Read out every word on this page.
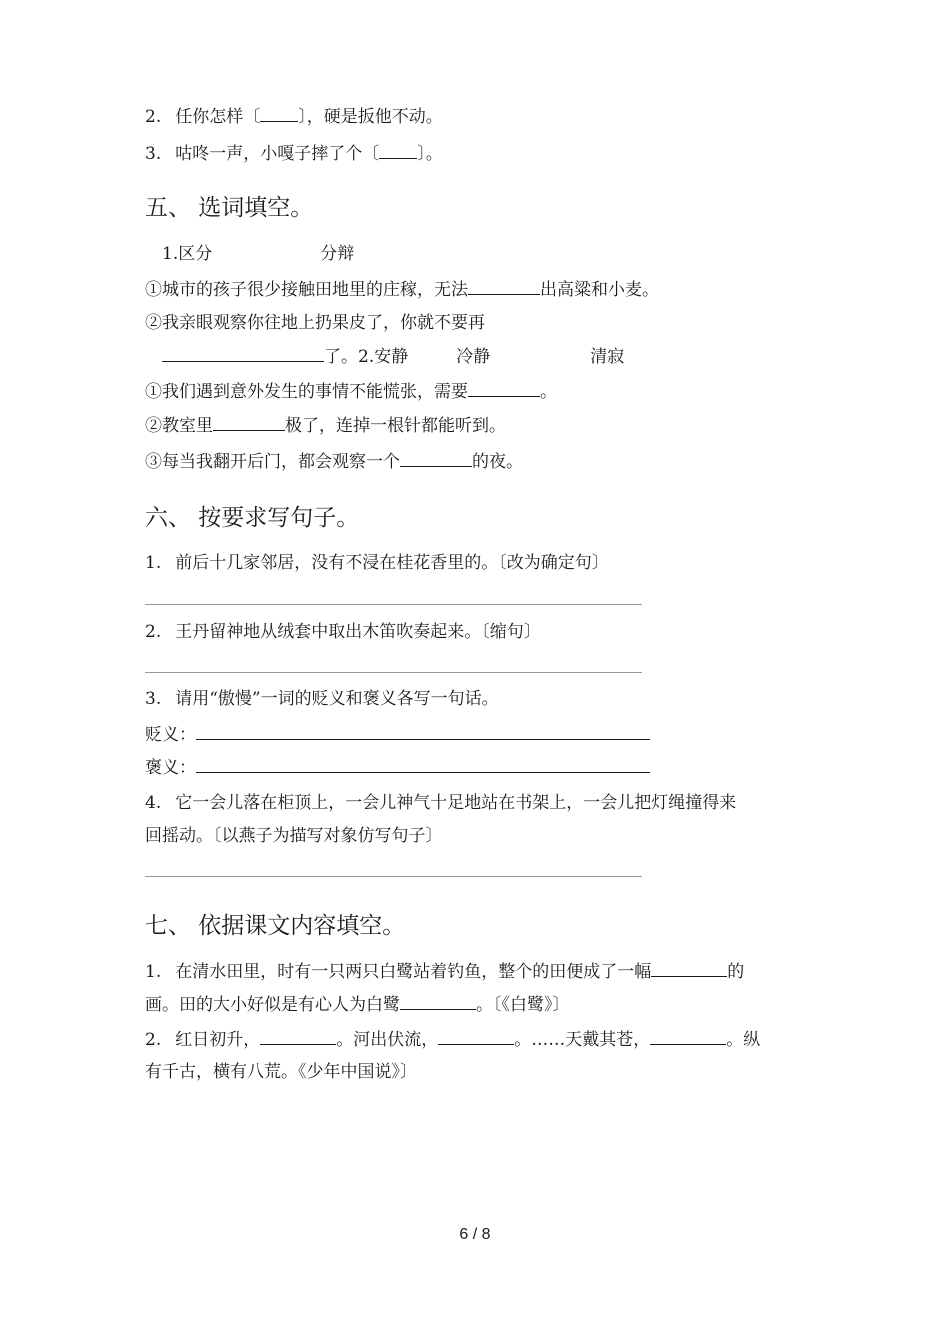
2. 任你怎样〔 〕，硬是扳他不动。
3. 咕咚一声，小嘎子摔了个〔 〕。
五、 选词填空。
1.区分	分辩
①城市的孩子很少接触田地里的庄稼，无法	出高粱和小麦。
②我亲眼观察你往地上扔果皮了，你就不要再
了。2.安静	冷静	清寂
①我们遇到意外发生的事情不能慌张，需要	。
②教室里	极了，连掉一根针都能听到。
③每当我翻开后门，都会观察一个	的夜。
六、 按要求写句子。
1. 前后十几家邻居，没有不浸在桂花香里的。〔改为确定句〕
2. 王丹留神地从绒套中取出木笛吹奏起来。〔缩句〕
3. 请用“傲慢”一词的贬义和褒义各写一句话。
贬义：
褒义：
4. 它一会儿落在柜顶上，一会儿神气十足地站在书架上，一会儿把灯绳撞得来
回摇动。〔以燕子为描写对象仿写句子〕
七、 依据课文内容填空。
1. 在清水田里，时有一只两只白鹭站着钓鱼，整个的田便成了一幅	的
画。田的大小好似是有心人为白鹭	。〔《白鹭》〕
2. 红日初升，	。河出伏流，	。……天戴其苍，	。纵
有千古，横有八荒。《少年中国说》〕
6 / 8
